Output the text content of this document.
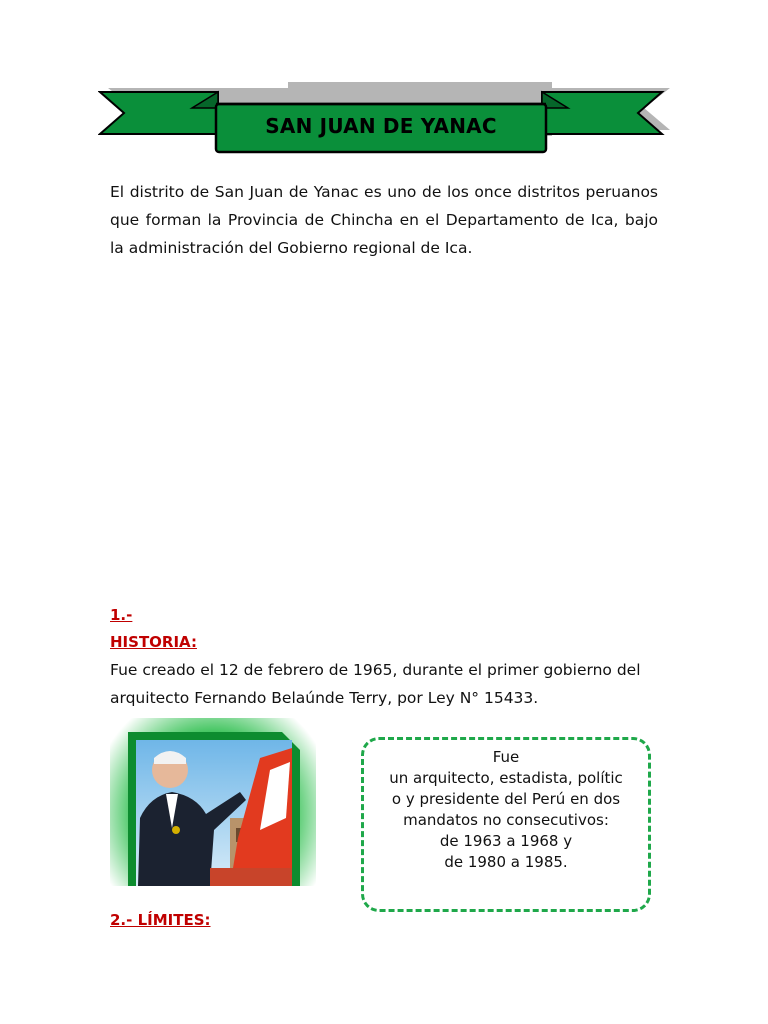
SAN JUAN DE YANAC
El distrito de San Juan de Yanac es uno de los once distritos peruanos que forman la Provincia de Chincha en el Departamento de Ica, bajo la administración del Gobierno regional de Ica.
1.-
HISTORIA:
Fue creado el 12 de febrero de 1965, durante el primer gobierno del arquitecto Fernando Belaúnde Terry, por Ley N° 15433.
Fue
un arquitecto, estadista, polític
o y presidente del Perú en dos
mandatos no consecutivos:
de 1963 a 1968 y
de 1980 a 1985.
2.- LÍMITES:
